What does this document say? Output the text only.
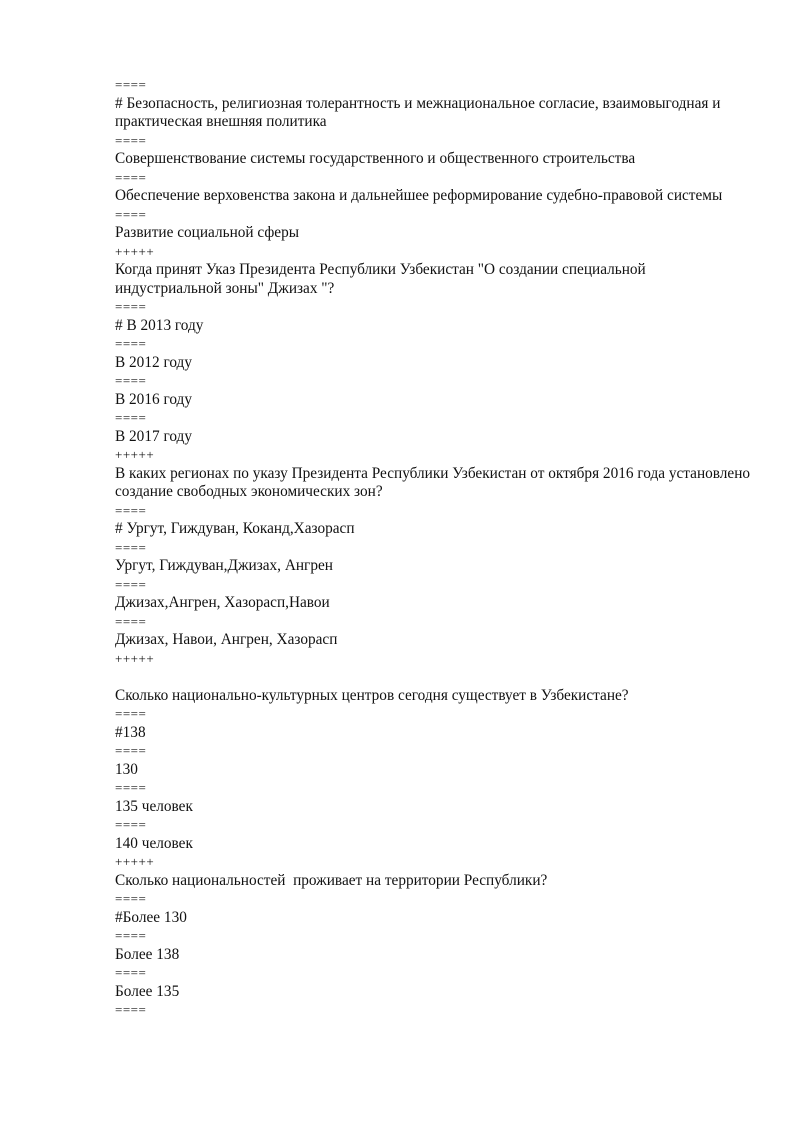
====
# Безопасность, религиозная толерантность и межнациональное согласие, взаимовыгодная и практическая внешняя политика
====
Совершенствование системы государственного и общественного строительства
====
Обеспечение верховенства закона и дальнейшее реформирование судебно-правовой системы
====
Развитие социальной сферы
+++++
Когда принят Указ Президента Республики Узбекистан "О создании специальной индустриальной зоны" Джизах "?
====
# В 2013 году
====
В 2012 году
====
В 2016 году
====
В 2017 году
+++++
В каких регионах по указу Президента Республики Узбекистан от октября 2016 года установлено создание свободных экономических зон?
====
# Ургут, Гиждуван, Коканд,Хазорасп
====
Ургут, Гиждуван,Джизах, Ангрен
====
Джизах,Ангрен, Хазорасп,Навои
====
Джизах, Навои, Ангрен, Хазорасп
+++++
Сколько национально-культурных центров сегодня существует в Узбекистане?
====
#138
====
130
====
135 человек
====
140 человек
+++++
Сколько национальностей  проживает на территории Республики?
====
#Более 130
====
Более 138
====
Более 135
====
